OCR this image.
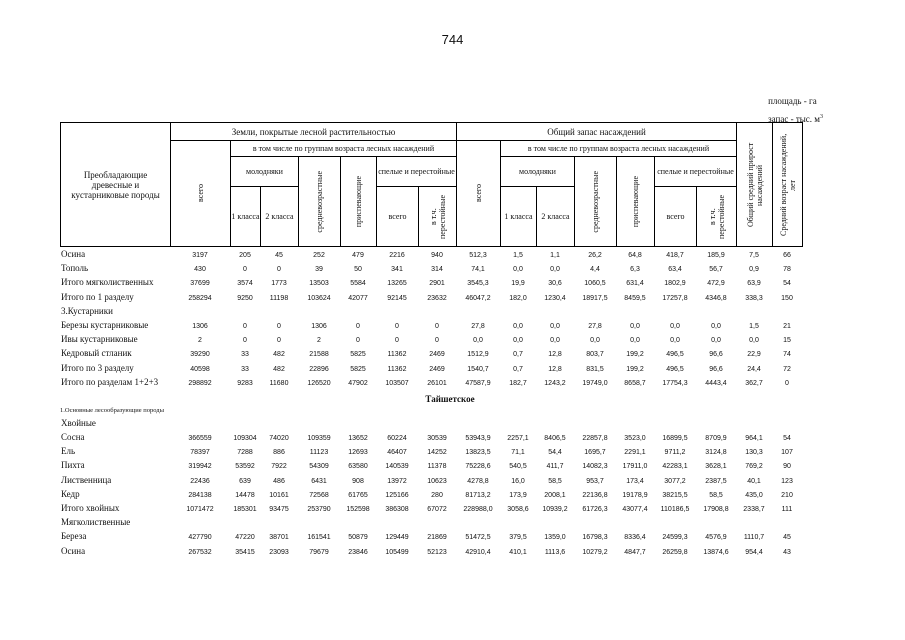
744
площадь - га
запас - тыс. $м^3$
Преобладающие древесные и кустарниковые породы	Земли, покрытые лесной растительностью							Общий запас насаждений							Общий средний прирост насаждений	Средний возраст насаждений, лет

	всего	в том числе по группам возраста лесных насаждений						всего	в том числе по группам возраста лесных насаждений							
		молодняки		средневозрастные	приспевающие	спелые и перестойные			молодняки		средневозрастные	приспевающие	спелые и перестойные			
		1 класса	2 класса			всего	в т.ч. перестойные		1 класса	2 класса			всего	в т.ч. перестойные		
Осина	3197	205	45	252	479	2216	940	512,3	1,5	1,1	26,2	64,8	418,7	185,9	7,5	66
Тополь	430	0	0	39	50	341	314	74,1	0,0	0,0	4,4	6,3	63,4	56,7	0,9	78
Итого мягколиственных	37699	3574	1773	13503	5584	13265	2901	3545,3	19,9	30,6	1060,5	631,4	1802,9	472,9	63,9	54
Итого по 1 разделу	258294	9250	11198	103624	42077	92145	23632	46047,2	182,0	1230,4	18917,5	8459,5	17257,8	4346,8	338,3	150
3.Кустарники
Березы кустарниковые	1306	0	0	1306	0	0	0	27,8	0,0	0,0	27,8	0,0	0,0	0,0	1,5	21
Ивы кустарниковые	2	0	0	2	0	0	0	0,0	0,0	0,0	0,0	0,0	0,0	0,0	0,0	15
Кедровый стланик	39290	33	482	21588	5825	11362	2469	1512,9	0,7	12,8	803,7	199,2	496,5	96,6	22,9	74
Итого по 3 разделу	40598	33	482	22896	5825	11362	2469	1540,7	0,7	12,8	831,5	199,2	496,5	96,6	24,4	72
Итого по разделам 1+2+3	298892	9283	11680	126520	47902	103507	26101	47587,9	182,7	1243,2	19749,0	8658,7	17754,3	4443,4	362,7	0
Тайшетское
1.Основные лесообразующие породы
Хвойные
Сосна	366559	109304	74020	109359	13652	60224	30539	53943,9	2257,1	8406,5	22857,8	3523,0	16899,5	8709,9	964,1	54
Ель	78397	7288	886	11123	12693	46407	14252	13823,5	71,1	54,4	1695,7	2291,1	9711,2	3124,8	130,3	107
Пихта	319942	53592	7922	54309	63580	140539	11378	75228,6	540,5	411,7	14082,3	17911,0	42283,1	3628,1	769,2	90
Лиственница	22436	639	486	6431	908	13972	10623	4278,8	16,0	58,5	953,7	173,4	3077,2	2387,5	40,1	123
Кедр	284138	14478	10161	72568	61765	125166	280	81713,2	173,9	2008,1	22136,8	19178,9	38215,5	58,5	435,0	210
Итого хвойных	1071472	185301	93475	253790	152598	386308	67072	228988,0	3058,6	10939,2	61726,3	43077,4	110186,5	17908,8	2338,7	111
Мягколиственные
Береза	427790	47220	38701	161541	50879	129449	21869	51472,5	379,5	1359,0	16798,3	8336,4	24599,3	4576,9	1110,7	45
Осина	267532	35415	23093	79679	23846	105499	52123	42910,4	410,1	1113,6	10279,2	4847,7	26259,8	13874,6	954,4	43
